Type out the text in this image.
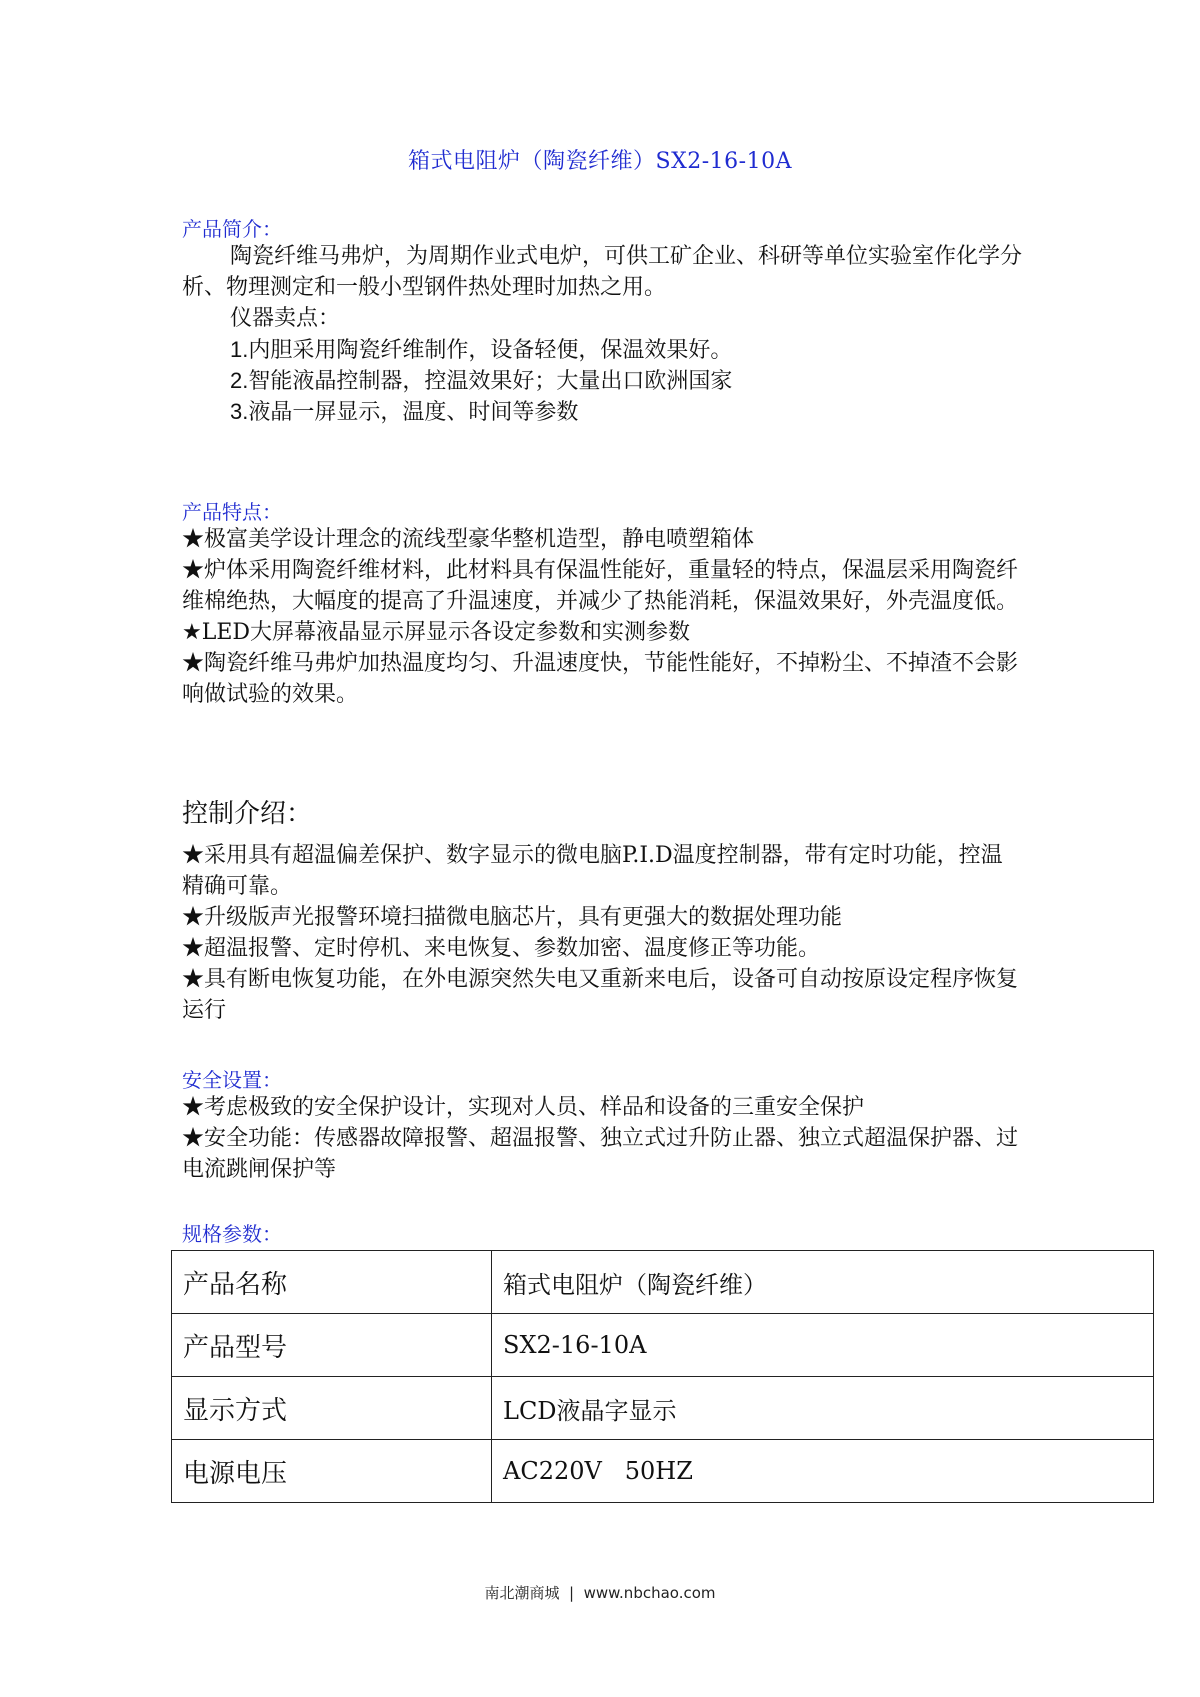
箱式电阻炉（陶瓷纤维）SX2-16-10A
产品简介：
陶瓷纤维马弗炉，为周期作业式电炉，可供工矿企业、科研等单位实验室作化学分析、物理测定和一般小型钢件热处理时加热之用。
仪器卖点：
1.内胆采用陶瓷纤维制作，设备轻便，保温效果好。
2.智能液晶控制器，控温效果好；大量出口欧洲国家
3.液晶一屏显示，温度、时间等参数
产品特点：

★极富美学设计理念的流线型豪华整机造型，静电喷塑箱体

★炉体采用陶瓷纤维材料，此材料具有保温性能好，重量轻的特点，保温层采用陶瓷纤维棉绝热，大幅度的提高了升温速度，并减少了热能消耗，保温效果好，外壳温度低。

★LED大屏幕液晶显示屏显示各设定参数和实测参数

★陶瓷纤维马弗炉加热温度均匀、升温速度快，节能性能好，不掉粉尘、不掉渣不会影响做试验的效果。

控制介绍：

★采用具有超温偏差保护、数字显示的微电脑P.I.D温度控制器，带有定时功能，控温精确可靠。

★升级版声光报警环境扫描微电脑芯片，具有更强大的数据处理功能

★超温报警、定时停机、来电恢复、参数加密、温度修正等功能。

★具有断电恢复功能，在外电源突然失电又重新来电后，设备可自动按原设定程序恢复运行

安全设置：

★考虑极致的安全保护设计，实现对人员、样品和设备的三重安全保护

★安全功能：传感器故障报警、超温报警、独立式过升防止器、独立式超温保护器、过电流跳闸保护等

规格参数：
产品名称	箱式电阻炉（陶瓷纤维）
产品型号	SX2-16-10A
显示方式	LCD液晶字显示
电源电压	AC220V   50HZ
南北潮商城  |  www.nbchao.com
